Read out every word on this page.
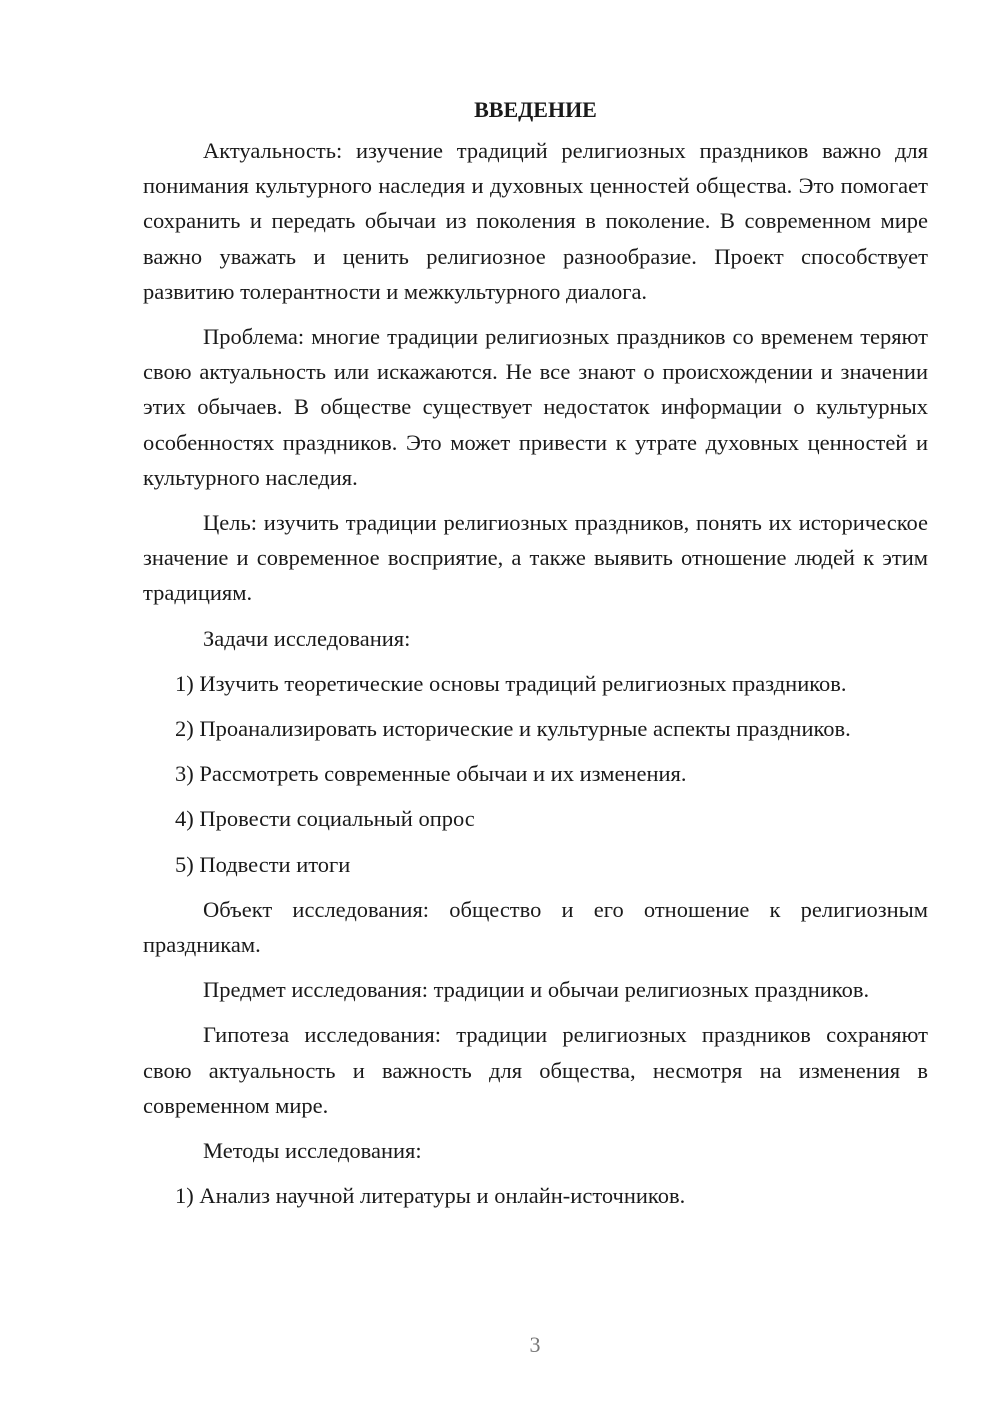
ВВЕДЕНИЕ

Актуальность: изучение традиций религиозных праздников важно для понимания культурного наследия и духовных ценностей общества. Это помогает сохранить и передать обычаи из поколения в поколение. В современном мире важно уважать и ценить религиозное разнообразие. Проект способствует развитию толерантности и межкультурного диалога.

Проблема: многие традиции религиозных праздников со временем теряют свою актуальность или искажаются. Не все знают о происхождении и значении этих обычаев. В обществе существует недостаток информации о культурных особенностях праздников. Это может привести к утрате духовных ценностей и культурного наследия.

Цель: изучить традиции религиозных праздников, понять их историческое значение и современное восприятие, а также выявить отношение людей к этим традициям.

Задачи исследования:

1) Изучить теоретические основы традиций религиозных праздников.

2) Проанализировать исторические и культурные аспекты праздников.

3) Рассмотреть современные обычаи и их изменения.

4) Провести социальный опрос

5) Подвести итоги

Объект исследования: общество и его отношение к религиозным праздникам.

Предмет исследования: традиции и обычаи религиозных праздников.

Гипотеза исследования: традиции религиозных праздников сохраняют свою актуальность и важность для общества, несмотря на изменения в современном мире.

Методы исследования:

1) Анализ научной литературы и онлайн-источников.

3
